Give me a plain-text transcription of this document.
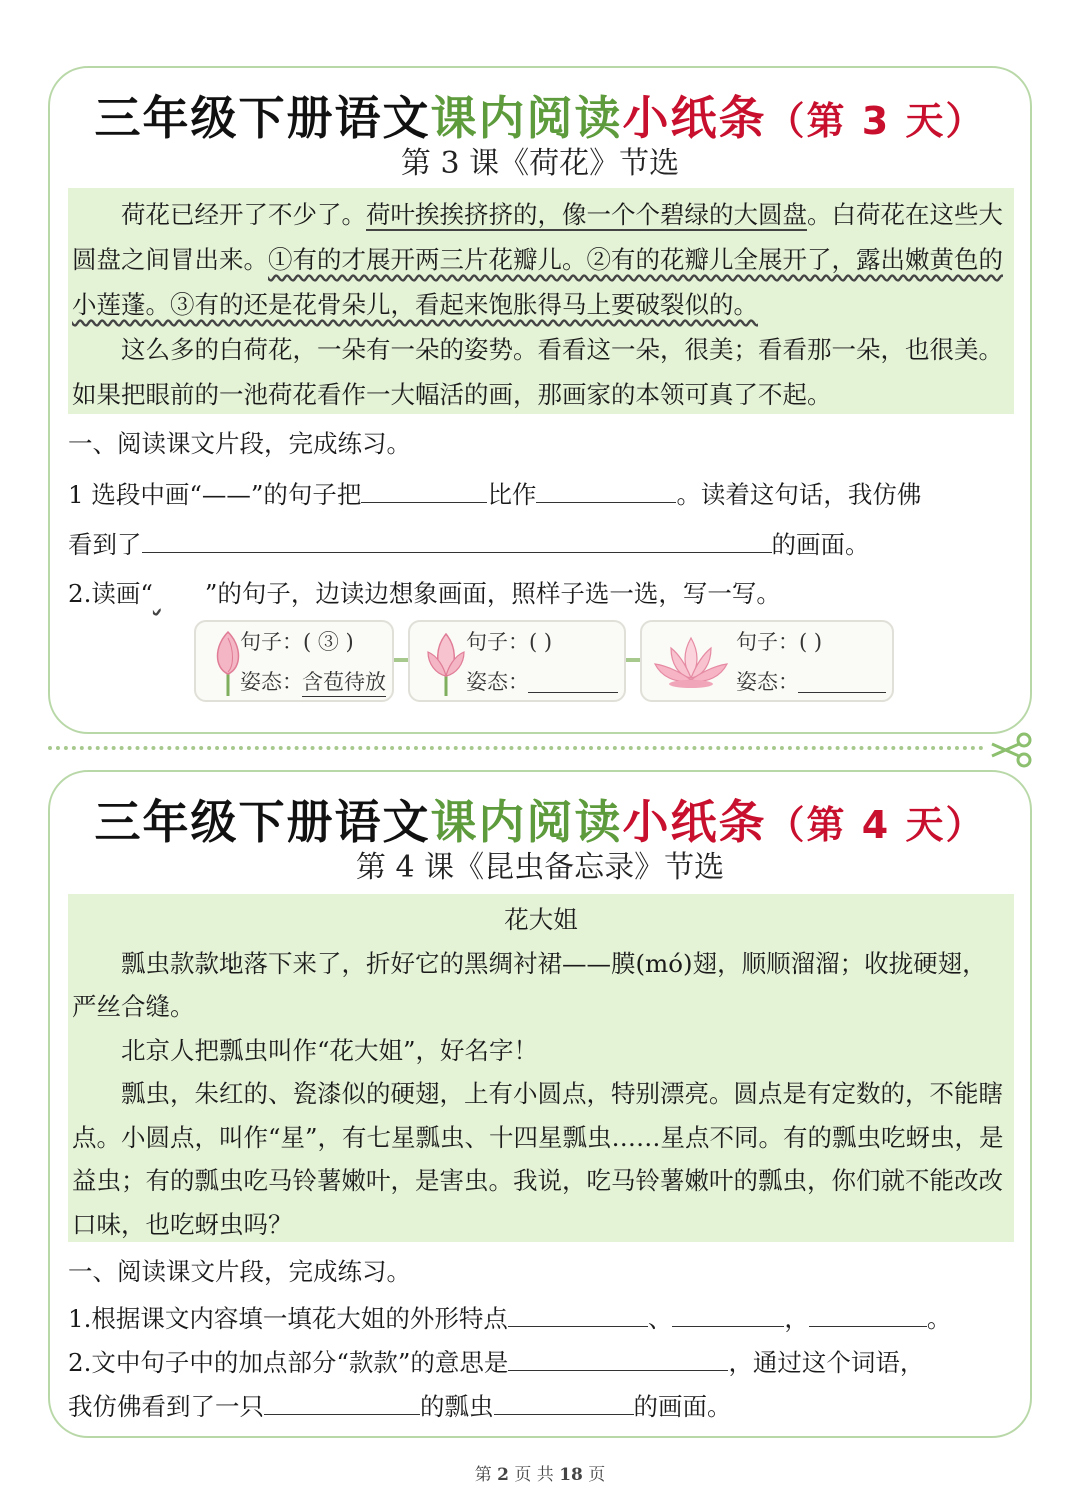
三年级下册语文课内阅读小纸条（第 3 天）
第 3 课《荷花》节选

荷花已经开了不少了。荷叶挨挨挤挤的，像一个个碧绿的大圆盘。白荷花在这些大圆盘之间冒出来。①有的才展开两三片花瓣儿。②有的花瓣儿全展开了，露出嫩黄色的小莲蓬。③有的还是花骨朵儿，看起来饱胀得马上要破裂似的。

这么多的白荷花，一朵有一朵的姿势。看看这一朵，很美；看看那一朵，也很美。如果把眼前的一池荷花看作一大幅活的画，那画家的本领可真了不起。

一、阅读课文片段，完成练习。
1 选段中画“——”的句子把	比作	。读着这句话，我仿佛
看到了	的画面。
2.读画“ ”的句子，边读边想象画面，照样子选一选，写一写。
句子：( ③ )
姿态： 含苞待放
句子：( )
姿态：
句子：( )
姿态：
三年级下册语文课内阅读小纸条（第 4 天）
第 4 课《昆虫备忘录》节选

花大姐

瓢虫款 •款 •地落下来了，折好它的黑绸衬裙——膜(mó)翅，顺顺溜溜；收拢硬翅，严丝合缝。

北京人把瓢虫叫作“花大姐”，好名字！

瓢虫，朱红的、瓷漆似的硬翅，上有小圆点，特别漂亮。圆点是有定数的，不能瞎点。小圆点，叫作“星”，有七星瓢虫、十四星瓢虫……星点不同。有的瓢虫吃蚜虫，是益虫；有的瓢虫吃马铃薯嫩叶，是害虫。我说，吃马铃薯嫩叶的瓢虫，你们就不能改改口味，也吃蚜虫吗？

一、阅读课文片段，完成练习。
1.根据课文内容填一填花大姐的外形特点	、	，	。
2.文中句子中的加点部分“款款”的意思是	，通过这个词语，
我仿佛看到了一只	的瓢虫	的画面。
第 2 页 共 18 页
